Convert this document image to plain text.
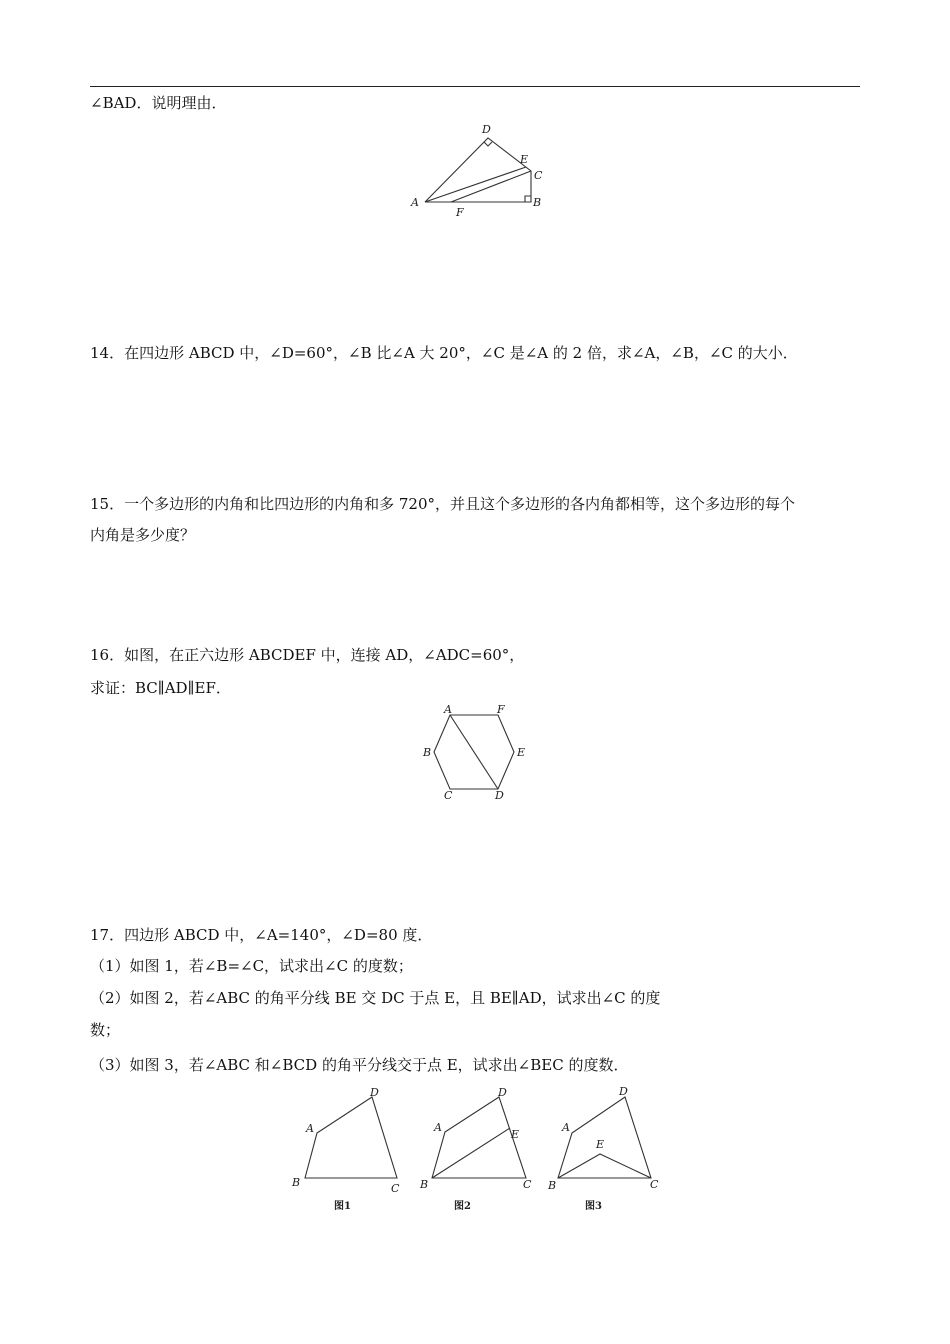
∠BAD．说明理由．
A	B
C
D
E
F
14．在四边形 ABCD 中，∠D=60°，∠B 比∠A 大 20°，∠C 是∠A 的 2 倍，求∠A，∠B，∠C 的大小．
15．一个多边形的内角和比四边形的内角和多 720°，并且这个多边形的各内角都相等，这个多边形的每个
内角是多少度？
16．如图，在正六边形 ABCDEF 中，连接 AD，∠ADC=60°，
求证：BC∥AD∥EF．
A	F
B	E
C	D
17．四边形 ABCD 中，∠A=140°，∠D=80 度．
（1）如图 1，若∠B=∠C，试求出∠C 的度数；
（2）如图 2，若∠ABC 的角平分线 BE 交 DC 于点 E，且 BE∥AD，试求出∠C 的度
数；
（3）如图 3，若∠ABC 和∠BCD 的角平分线交于点 E，试求出∠BEC 的度数．
A
B	C
D
图1
A
B	C
D
E
图2
A
B	C
D
E
图3
